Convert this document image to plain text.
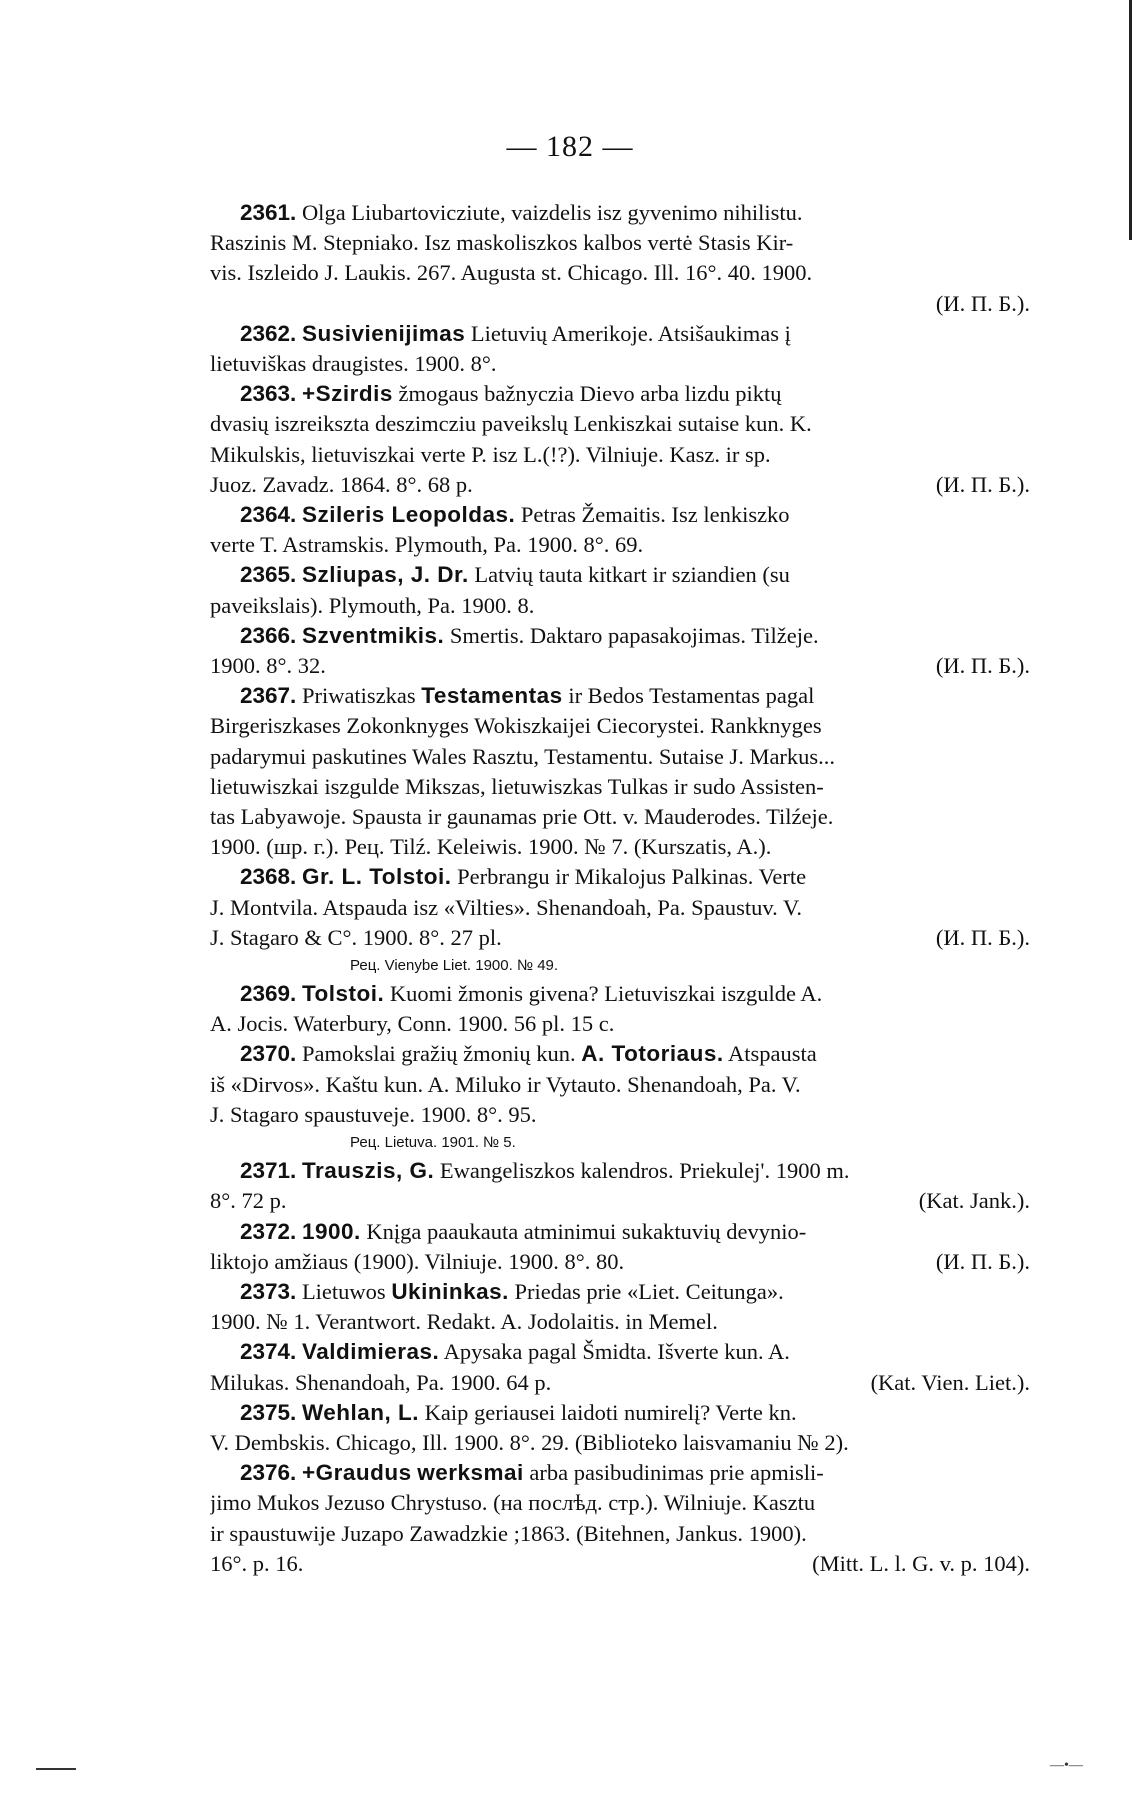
— 182 —
2361. Olga Liubartovicziute, vaizdelis isz gyvenimo nihilistu.
Raszinis M. Stepniako. Isz maskoliszkos kalbos vertė Stasis Kir-
vis. Iszleido J. Laukis. 267. Augusta st. Chicago. Ill. 16°. 40. 1900.
(И. П. Б.).

2362. Susivienijimas Lietuvių Amerikoje. Atsišaukimas į
lietuviškas draugistes. 1900. 8°.
2363. +Szirdis žmogaus bažnyczia Dievo arba lizdu piktų
dvasių iszreikszta deszimcziu paveikslų Lenkiszkai sutaise kun. K.
Mikulskis, lietuviszkai verte P. isz L.(!?). Vilniuje. Kasz. ir sp.
(И. П. Б.).
Juoz. Zavadz. 1864. 8°. 68 p.
2364. Szileris Leopoldas. Petras Žemaitis. Isz lenkiszko
verte T. Astramskis. Plymouth, Pa. 1900. 8°. 69.
2365. Szliupas, J. Dr. Latvių tauta kitkart ir sziandien (su
paveikslais). Plymouth, Pa. 1900. 8.
2366. Szventmikis. Smertis. Daktaro papasakojimas. Tilžeje.
(И. П. Б.).
1900. 8°. 32.
2367. Priwatiszkas Testamentas ir Bedos Testamentas pagal
Birgeriszkases Zokonknyges Wokiszkaijei Ciecorystei. Rankknyges
padarymui paskutines Wales Rasztu, Testamentu. Sutaise J. Markus...
lietuwiszkai iszgulde Mikszas, lietuwiszkas Tulkas ir sudo Assisten-
tas Labyawoje. Spausta ir gaunamas prie Ott. v. Mauderodes. Tilźeje.
1900. (шр. г.). Рец. Tilź. Keleiwis. 1900. № 7. (Kurszatis, A.).
2368. Gr. L. Tolstoi. Perbrangu ir Mikalojus Palkinas. Verte
J. Montvila. Atspauda isz «Vilties». Shenandoah, Pa. Spaustuv. V.
(И. П. Б.).
J. Stagaro & C°. 1900. 8°. 27 pl.
Рец. Vienybe Liet. 1900. № 49.
2369. Tolstoi. Kuomi žmonis givena? Lietuviszkai iszgulde A.
A. Jocis. Waterbury, Conn. 1900. 56 pl. 15 c.
2370. Pamokslai gražių žmonių kun. A. Totoriaus. Atspausta
iš «Dirvos». Kaštu kun. A. Miluko ir Vytauto. Shenandoah, Pa. V.
J. Stagaro spaustuveje. 1900. 8°. 95.
Рец. Lietuva. 1901. № 5.
2371. Trauszis, G. Ewangeliszkos kalendros. Priekulej'. 1900 m.
(Kat. Jank.).
8°. 72 p.
2372. 1900. Knįga paaukauta atminimui sukaktuvių devynio-
(И. П. Б.).
liktojo amžiaus (1900). Vilniuje. 1900. 8°. 80.
2373. Lietuwos Ukininkas. Priedas prie «Liet. Ceitunga».
1900. № 1. Verantwort. Redakt. A. Jodolaitis. in Memel.
2374. Valdimieras. Apysaka pagal Šmidta. Išverte kun. A.
(Kat. Vien. Liet.).
Milukas. Shenandoah, Pa. 1900. 64 p.
2375. Wehlan, L. Kaip geriausei laidoti numirelį? Verte kn.
V. Dembskis. Chicago, Ill. 1900. 8°. 29. (Biblioteko laisvamaniu № 2).
2376. +Graudus werksmai arba pasibudinimas prie apmisli-
jimo Mukos Jezuso Chrystuso. (на послѣд. стр.). Wilniuje. Kasztu
ir spaustuwije Juzapo Zawadzkie ;1863. (Bitehnen, Jankus. 1900).
(Mitt. L. l. G. v. p. 104).
16°. p. 16.
—•—
